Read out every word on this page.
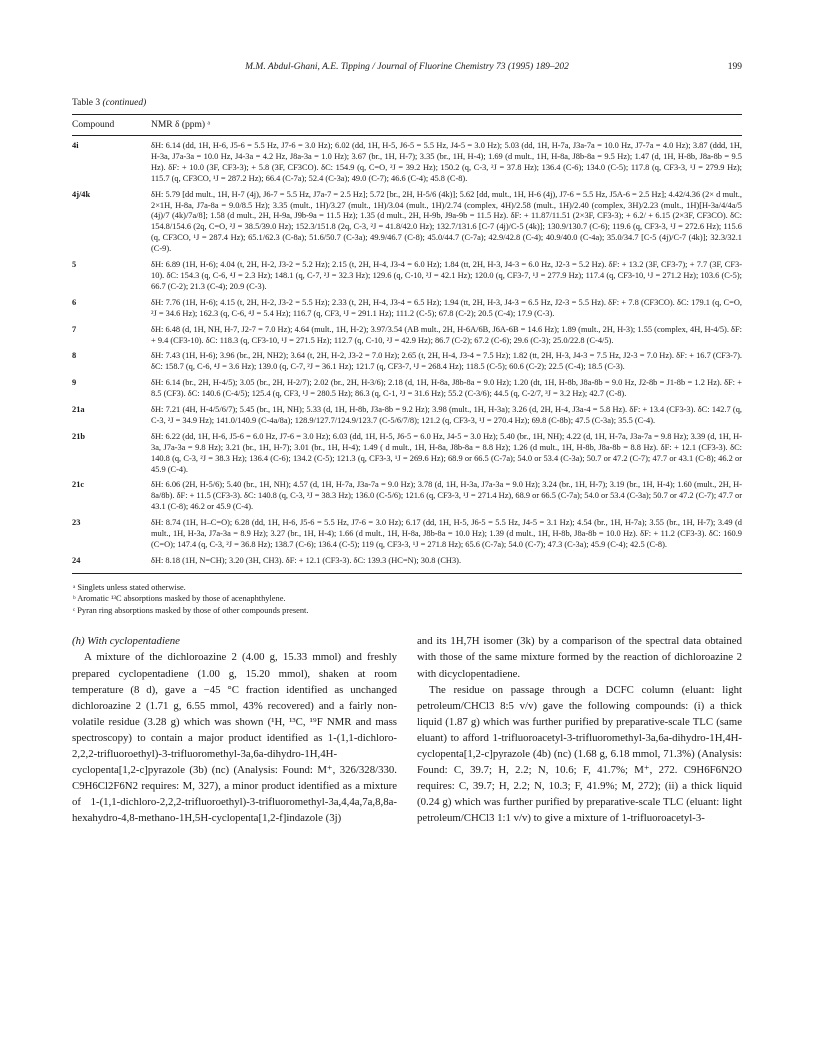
M.M. Abdul-Ghani, A.E. Tipping / Journal of Fluorine Chemistry 73 (1995) 189–202	199
Table 3 (continued)
Compound	NMR δ (ppm) ᵃ
4i	δH: 6.14 (dd, 1H, H-6, J5-6 = 5.5 Hz, J7-6 = 3.0 Hz); 6.02 (dd, 1H, H-5, J6-5 = 5.5 Hz, J4-5 = 3.0 Hz); 5.03 (dd, 1H, H-7a, J3a-7a = 10.0 Hz, J7-7a = 4.0 Hz); 3.87 (ddd, 1H, H-3a, J7a-3a = 10.0 Hz, J4-3a = 4.2 Hz, J8a-3a = 1.0 Hz); 3.67 (br., 1H, H-7); 3.35 (br., 1H, H-4); 1.69 (d mult., 1H, H-8a, J8b-8a = 9.5 Hz); 1.47 (d, 1H, H-8b, J8a-8b = 9.5 Hz). δF: + 10.0 (3F, CF3-3); + 5.8 (3F, CF3CO). δC: 154.9 (q, C=O, ²J = 39.2 Hz); 150.2 (q, C-3, ²J = 37.8 Hz); 136.4 (C-6); 134.0 (C-5); 117.8 (q, CF3-3, ¹J = 279.9 Hz); 115.7 (q, CF3CO, ¹J = 287.2 Hz); 66.4 (C-7a); 52.4 (C-3a); 49.0 (C-7); 46.6 (C-4); 45.8 (C-8).
4j/4k	δH: 5.79 [dd mult., 1H, H-7 (4j), J6-7 = 5.5 Hz, J7a-7 = 2.5 Hz]; 5.72 [br., 2H, H-5/6 (4k)]; 5.62 [dd, mult., 1H, H-6 (4j), J7-6 = 5.5 Hz, J5A-6 = 2.5 Hz]; 4.42/4.36 (2× d mult., 2×1H, H-8a, J7a-8a = 9.0/8.5 Hz); 3.35 (mult., 1H)/3.27 (mult., 1H)/3.04 (mult., 1H)/2.74 (complex, 4H)/2.58 (mult., 1H)/2.40 (complex, 3H)/2.23 (mult., 1H)[H-3a/4/4a/5 (4j)/7 (4k)/7a/8]; 1.58 (d mult., 2H, H-9a, J9b-9a = 11.5 Hz); 1.35 (d mult., 2H, H-9b, J9a-9b = 11.5 Hz). δF: + 11.87/11.51 (2×3F, CF3-3); + 6.2/ + 6.15 (2×3F, CF3CO). δC: 154.8/154.6 (2q, C=O, ²J = 38.5/39.0 Hz); 152.3/151.8 (2q, C-3, ²J = 41.8/42.0 Hz); 132.7/131.6 [C-7 (4j)/C-5 (4k)]; 130.9/130.7 (C-6); 119.6 (q, CF3-3, ¹J = 272.6 Hz); 115.6 (q, CF3CO, ¹J = 287.4 Hz); 65.1/62.3 (C-8a); 51.6/50.7 (C-3a); 49.9/46.7 (C-8); 45.0/44.7 (C-7a); 42.9/42.8 (C-4); 40.9/40.0 (C-4a); 35.0/34.7 [C-5 (4j)/C-7 (4k)]; 32.3/32.1 (C-9).
5	δH: 6.89 (1H, H-6); 4.04 (t, 2H, H-2, J3-2 = 5.2 Hz); 2.15 (t, 2H, H-4, J3-4 = 6.0 Hz); 1.84 (tt, 2H, H-3, J4-3 = 6.0 Hz, J2-3 = 5.2 Hz). δF: + 13.2 (3F, CF3-7); + 7.7 (3F, CF3-10). δC: 154.3 (q, C-6, ⁴J = 2.3 Hz); 148.1 (q, C-7, ²J = 32.3 Hz); 129.6 (q, C-10, ²J = 42.1 Hz); 120.0 (q, CF3-7, ¹J = 277.9 Hz); 117.4 (q, CF3-10, ¹J = 271.2 Hz); 103.6 (C-5); 66.7 (C-2); 21.3 (C-4); 20.9 (C-3).
6	δH: 7.76 (1H, H-6); 4.15 (t, 2H, H-2, J3-2 = 5.5 Hz); 2.33 (t, 2H, H-4, J3-4 = 6.5 Hz); 1.94 (tt, 2H, H-3, J4-3 = 6.5 Hz, J2-3 = 5.5 Hz). δF: + 7.8 (CF3CO). δC: 179.1 (q, C=O, ²J = 34.6 Hz); 162.3 (q, C-6, ⁴J = 5.4 Hz); 116.7 (q, CF3, ¹J = 291.1 Hz); 111.2 (C-5); 67.8 (C-2); 20.5 (C-4); 17.9 (C-3).
7	δH: 6.48 (d, 1H, NH, H-7, J2-7 = 7.0 Hz); 4.64 (mult., 1H, H-2); 3.97/3.54 (AB mult., 2H, H-6A/6B, J6A-6B = 14.6 Hz); 1.89 (mult., 2H, H-3); 1.55 (complex, 4H, H-4/5). δF: + 9.4 (CF3-10). δC: 118.3 (q, CF3-10, ¹J = 271.5 Hz); 112.7 (q, C-10, ²J = 42.9 Hz); 86.7 (C-2); 67.2 (C-6); 29.6 (C-3); 25.0/22.8 (C-4/5).
8	δH: 7.43 (1H, H-6); 3.96 (br., 2H, NH2); 3.64 (t, 2H, H-2, J3-2 = 7.0 Hz); 2.65 (t, 2H, H-4, J3-4 = 7.5 Hz); 1.82 (tt, 2H, H-3, J4-3 = 7.5 Hz, J2-3 = 7.0 Hz). δF: + 16.7 (CF3-7). δC: 158.7 (q, C-6, ⁴J = 3.6 Hz); 139.0 (q, C-7, ²J = 36.1 Hz); 121.7 (q, CF3-7, ¹J = 268.4 Hz); 118.5 (C-5); 60.6 (C-2); 22.5 (C-4); 18.5 (C-3).
9	δH: 6.14 (br., 2H, H-4/5); 3.05 (br., 2H, H-2/7); 2.02 (br., 2H, H-3/6); 2.18 (d, 1H, H-8a, J8b-8a = 9.0 Hz); 1.20 (dt, 1H, H-8b, J8a-8b = 9.0 Hz, J2-8b = J1-8b = 1.2 Hz). δF: + 8.5 (CF3). δC: 140.6 (C-4/5); 125.4 (q, CF3, ¹J = 280.5 Hz); 86.3 (q, C-1, ²J = 31.6 Hz); 55.2 (C-3/6); 44.5 (q, C-2/7, ³J = 3.2 Hz); 42.7 (C-8).
21a	δH: 7.21 (4H, H-4/5/6/7); 5.45 (br., 1H, NH); 5.33 (d, 1H, H-8b, J3a-8b = 9.2 Hz); 3.98 (mult., 1H, H-3a); 3.26 (d, 2H, H-4, J3a-4 = 5.8 Hz). δF: + 13.4 (CF3-3). δC: 142.7 (q, C-3, ²J = 34.9 Hz); 141.0/140.9 (C-4a/8a); 128.9/127.7/124.9/123.7 (C-5/6/7/8); 121.2 (q, CF3-3, ¹J = 270.4 Hz); 69.8 (C-8b); 47.5 (C-3a); 35.5 (C-4).
21b	δH: 6.22 (dd, 1H, H-6, J5-6 = 6.0 Hz, J7-6 = 3.0 Hz); 6.03 (dd, 1H, H-5, J6-5 = 6.0 Hz, J4-5 = 3.0 Hz); 5.40 (br., 1H, NH); 4.22 (d, 1H, H-7a, J3a-7a = 9.8 Hz); 3.39 (d, 1H, H-3a, J7a-3a = 9.8 Hz); 3.21 (br., 1H, H-7); 3.01 (br., 1H, H-4); 1.49 ( d mult., 1H, H-8a, J8b-8a = 8.8 Hz); 1.26 (d mult., 1H, H-8b, J8a-8b = 8.8 Hz). δF: + 12.1 (CF3-3). δC: 140.8 (q, C-3, ²J = 38.3 Hz); 136.4 (C-6); 134.2 (C-5); 121.3 (q, CF3-3, ¹J = 269.6 Hz); 68.9 or 66.5 (C-7a); 54.0 or 53.4 (C-3a); 50.7 or 47.2 (C-7); 47.7 or 43.1 (C-8); 46.2 or 45.9 (C-4).
21c	δH: 6.06 (2H, H-5/6); 5.40 (br., 1H, NH); 4.57 (d, 1H, H-7a, J3a-7a = 9.0 Hz); 3.78 (d, 1H, H-3a, J7a-3a = 9.0 Hz); 3.24 (br., 1H, H-7); 3.19 (br., 1H, H-4); 1.60 (mult., 2H, H-8a/8b). δF: + 11.5 (CF3-3). δC: 140.8 (q, C-3, ²J = 38.3 Hz); 136.0 (C-5/6); 121.6 (q, CF3-3, ¹J = 271.4 Hz), 68.9 or 66.5 (C-7a); 54.0 or 53.4 (C-3a); 50.7 or 47.2 (C-7); 47.7 or 43.1 (C-8); 46.2 or 45.9 (C-4).
23	δH: 8.74 (1H, H–C=O); 6.28 (dd, 1H, H-6, J5-6 = 5.5 Hz, J7-6 = 3.0 Hz); 6.17 (dd, 1H, H-5, J6-5 = 5.5 Hz, J4-5 = 3.1 Hz); 4.54 (br., 1H, H-7a); 3.55 (br., 1H, H-7); 3.49 (d mult., 1H, H-3a, J7a-3a = 8.9 Hz); 3.27 (br., 1H, H-4); 1.66 (d mult., 1H, H-8a, J8b-8a = 10.0 Hz); 1.39 (d mult., 1H, H-8b, J8a-8b = 10.0 Hz). δF: + 11.2 (CF3-3). δC: 160.9 (C=O); 147.4 (q, C-3, ²J = 36.8 Hz); 138.7 (C-6); 136.4 (C-5); 119 (q, CF3-3, ¹J = 271.8 Hz); 65.6 (C-7a); 54.0 (C-7); 47.3 (C-3a); 45.9 (C-4); 42.5 (C-8).
24	δH: 8.18 (1H, N=CH); 3.20 (3H, CH3). δF: + 12.1 (CF3-3). δC: 139.3 (HC=N); 30.8 (CH3).
ᵃ Singlets unless stated otherwise.
ᵇ Aromatic ¹³C absorptions masked by those of acenaphthylene.
ᶜ Pyran ring absorptions masked by those of other compounds present.
(h) With cyclopentadiene

A mixture of the dichloroazine 2 (4.00 g, 15.33 mmol) and freshly prepared cyclopentadiene (1.00 g, 15.20 mmol), shaken at room temperature (8 d), gave a −45 °C fraction identified as unchanged dichloroazine 2 (1.71 g, 6.55 mmol, 43% recovered) and a fairly non-volatile residue (3.28 g) which was shown (¹H, ¹³C, ¹⁹F NMR and mass spectroscopy) to contain a major product identified as 1-(1,1-dichloro-2,2,2-trifluoroethyl)-3-trifluoromethyl-3a,6a-dihydro-1H,4H-cyclopenta[1,2-c]pyrazole (3b) (nc) (Analysis: Found: M⁺, 326/328/330. C9H6Cl2F6N2 requires: M, 327), a minor product identified as a mixture of 1-(1,1-dichloro-2,2,2-trifluoroethyl)-3-trifluoromethyl-3a,4,4a,7a,8,8a-hexahydro-4,8-methano-1H,5H-cyclopenta[1,2-f]indazole (3j)

and its 1H,7H isomer (3k) by a comparison of the spectral data obtained with those of the same mixture formed by the reaction of dichloroazine 2 with dicyclopentadiene.

The residue on passage through a DCFC column (eluant: light petroleum/CHCl3 8:5 v/v) gave the following compounds: (i) a thick liquid (1.87 g) which was further purified by preparative-scale TLC (same eluant) to afford 1-trifluoroacetyl-3-trifluoromethyl-3a,6a-dihydro-1H,4H-cyclopenta[1,2-c]pyrazole (4b) (nc) (1.68 g, 6.18 mmol, 71.3%) (Analysis: Found: C, 39.7; H, 2.2; N, 10.6; F, 41.7%; M⁺, 272. C9H6F6N2O requires: C, 39.7; H, 2.2; N, 10.3; F, 41.9%; M, 272); (ii) a thick liquid (0.24 g) which was further purified by preparative-scale TLC (eluant: light petroleum/CHCl3 1:1 v/v) to give a mixture of 1-trifluoroacetyl-3-
